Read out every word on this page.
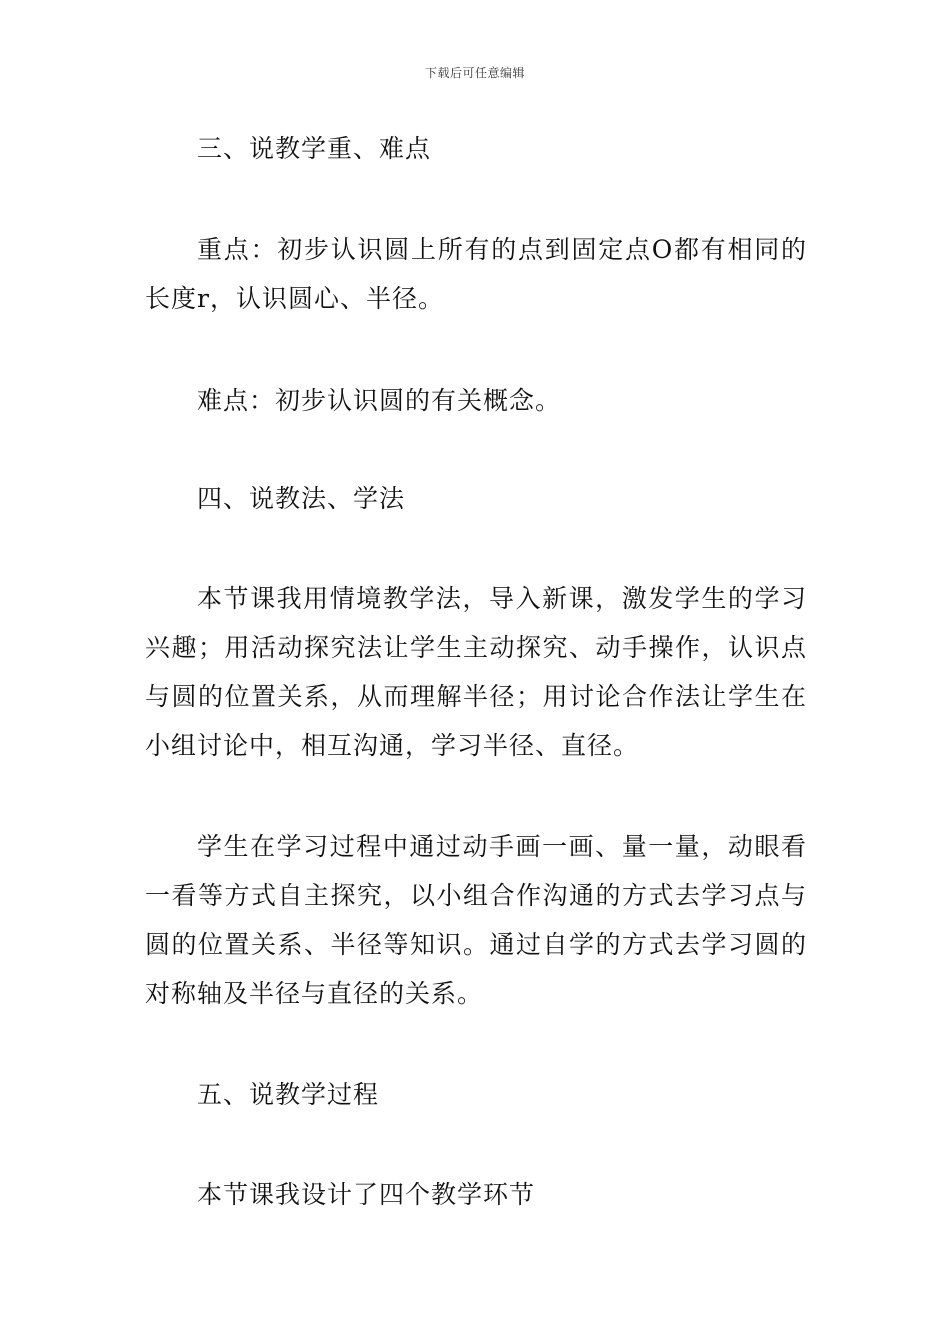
下载后可任意编辑

三、说教学重、难点

重点：初步认识圆上所有的点到固定点O都有相同的长度r，认识圆心、半径。

难点：初步认识圆的有关概念。

四、说教法、学法

本节课我用情境教学法，导入新课，激发学生的学习兴趣；用活动探究法让学生主动探究、动手操作，认识点与圆的位置关系，从而理解半径；用讨论合作法让学生在小组讨论中，相互沟通，学习半径、直径。

学生在学习过程中通过动手画一画、量一量，动眼看一看等方式自主探究，以小组合作沟通的方式去学习点与圆的位置关系、半径等知识。通过自学的方式去学习圆的对称轴及半径与直径的关系。

五、说教学过程

本节课我设计了四个教学环节
